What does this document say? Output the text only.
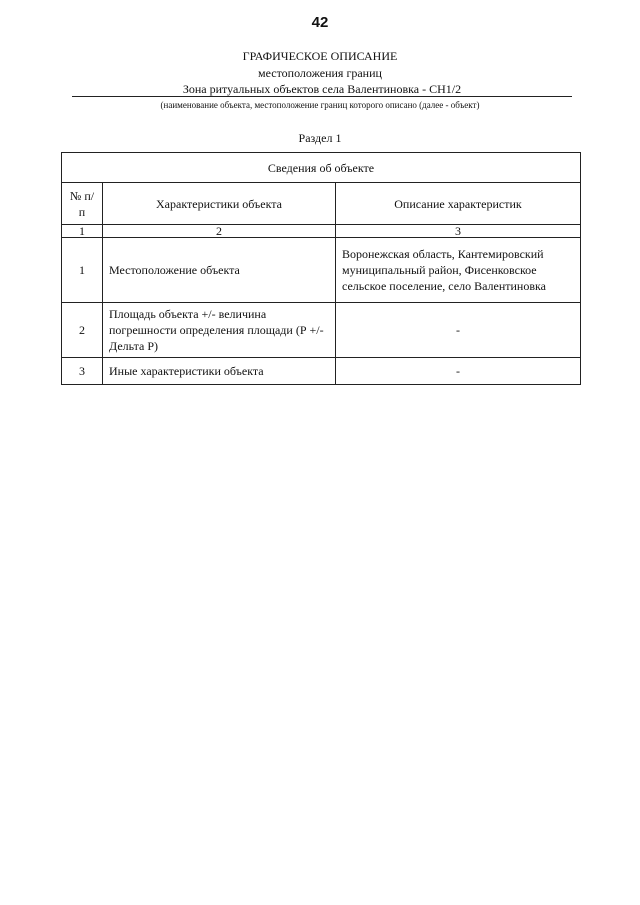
42
ГРАФИЧЕСКОЕ ОПИСАНИЕ
местоположения границ
Зона ритуальных объектов села Валентиновка - СН1/2
(наименование объекта, местоположение границ которого описано (далее - объект)
Раздел 1
Сведения об объекте		
№ п/п	Характеристики объекта	Описание характеристик
1	2	3
1	Местоположение объекта	Воронежская область, Кантемировский муниципальный район, Фисенковское сельское поселение, село Валентиновка
2	Площадь объекта +/- величина погрешности определения площади (Р +/- Дельта Р)	-
3	Иные характеристики объекта	-
